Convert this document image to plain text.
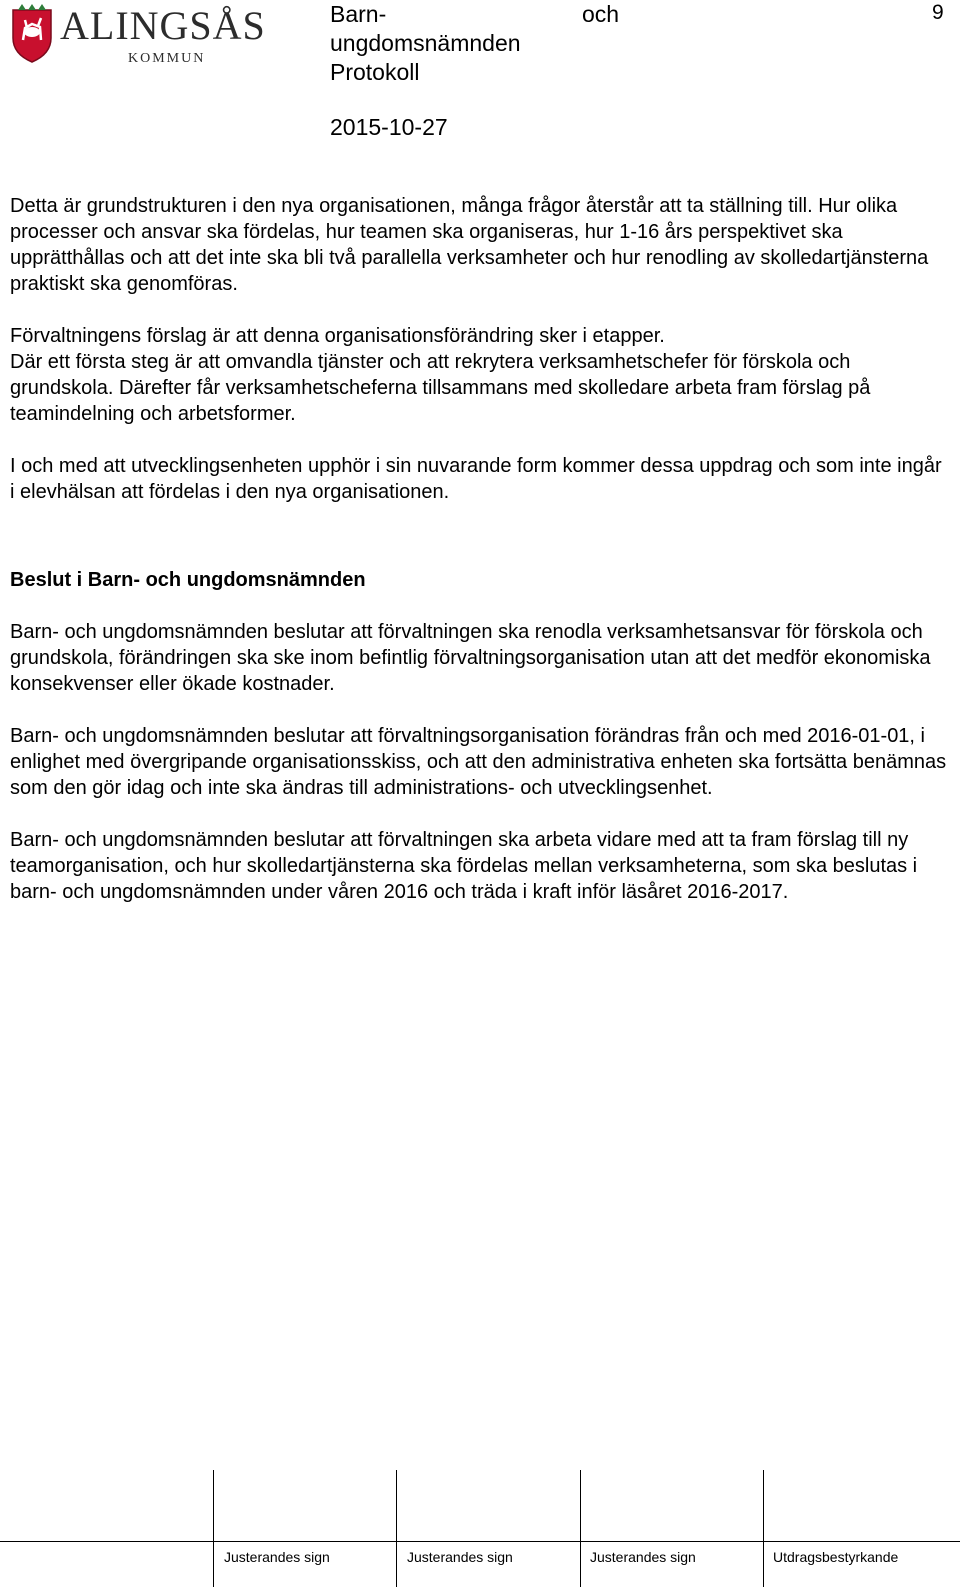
ALINGSÅS
KOMMUN
Barn-
ungdomsnämnden
och
Protokoll
2015-10-27
9

Detta är grundstrukturen i den nya organisationen, många frågor återstår att ta ställning till. Hur olika processer och ansvar ska fördelas, hur teamen ska organiseras, hur 1-16 års perspektivet ska upprätthållas och att det inte ska bli två parallella verksamheter och hur renodling av skolledartjänsterna praktiskt ska genomföras.

Förvaltningens förslag är att denna organisationsförändring sker i etapper.

Där ett första steg är att omvandla tjänster och att rekrytera verksamhetschefer för förskola och grundskola. Därefter får verksamhetscheferna tillsammans med skolledare arbeta fram förslag på teamindelning och arbetsformer.

I och med att utvecklingsenheten upphör i sin nuvarande form kommer dessa uppdrag och som inte ingår i elevhälsan att fördelas i den nya organisationen.

Beslut i Barn- och ungdomsnämnden

Barn- och ungdomsnämnden beslutar att förvaltningen ska renodla verksamhetsansvar för förskola och grundskola, förändringen ska ske inom befintlig förvaltningsorganisation utan att det medför ekonomiska konsekvenser eller ökade kostnader.

Barn- och ungdomsnämnden beslutar att förvaltningsorganisation förändras från och med 2016-01-01, i enlighet med övergripande organisationsskiss, och att den administrativa enheten ska fortsätta benämnas som den gör idag och inte ska ändras till administrations- och utvecklingsenhet.

Barn- och ungdomsnämnden beslutar att förvaltningen ska arbeta vidare med att ta fram förslag till ny teamorganisation, och hur skolledartjänsterna ska fördelas mellan verksamheterna, som ska beslutas i barn- och ungdomsnämnden under våren 2016 och träda i kraft inför läsåret 2016-2017.

Justerandes sign	Justerandes sign	Justerandes sign	Utdragsbestyrkande
